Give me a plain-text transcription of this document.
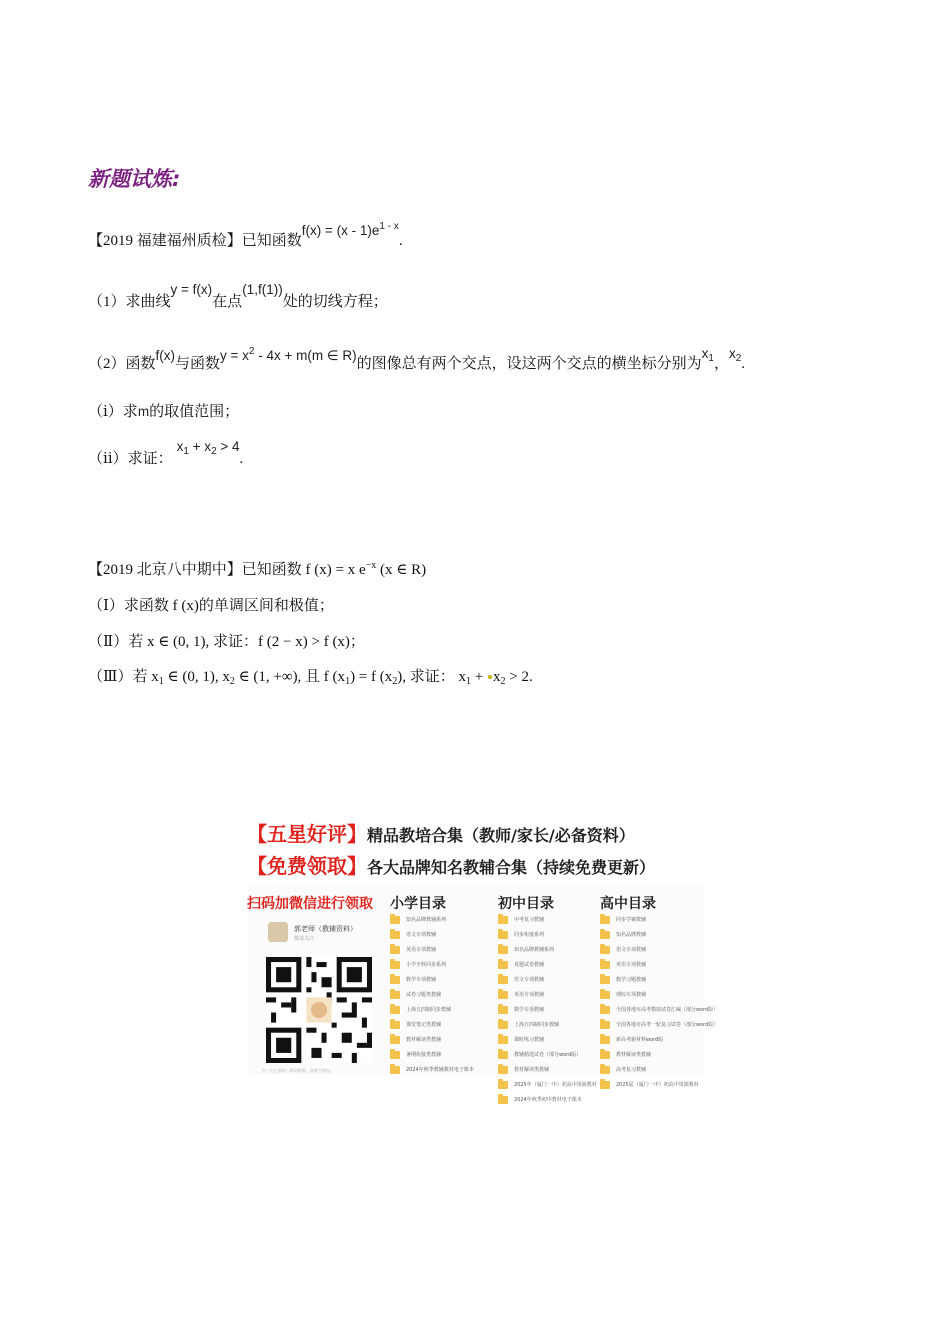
新题试炼:
【2019 福建福州质检】已知函数$f(x) = (x - 1)e^{1 - x}$.
（1）求曲线y = f(x)在点(1,f(1))处的切线方程；
（2）函数f(x)与函数$y = x^2 - 4x + m(m$ ∈ R)的图像总有两个交点，设这两个交点的横坐标分别为$x_1$，$x_2$.
（ⅰ）求m的取值范围；
（ⅱ）求证：$x_1 + x_2 > 4$.
【2019 北京八中期中】已知函数 f (x) = x $e^{-x}$ (x ∈ R)
（Ⅰ）求函数 f (x)的单调区间和极值；
（Ⅱ）若 x ∈ (0, 1), 求证：f (2 − x) > f (x)；
（Ⅲ）若 $x_1$ ∈ (0, 1), $x_2$ ∈ (1, +∞), 且 f $(x_1) = f$ $(x_2)$, 求证： $x_1 + x_2 > 2$.
【五星好评】精品教培合集（教师/家长/必备资料）
【免费领取】各大品牌知名教辅合集（持续免费更新）
扫码加微信进行领取 小学目录	初中目录	高中目录
郭老师（教辅资料）
敬请关注
扫一扫上面的二维码图案，加我为朋友。
知名品牌教辅系列
语文专项教辅
英语专项教辅
小学全科同步系列
数学专项教辅
试卷习题类教辅
上海五四制同步教辅
课堂笔记类教辅
教材解读类教辅
暑期衔接类教辅
2024年秋季教辅教材电子课本
中考复习教辅
同步衔接系列
知名品牌教辅系列
真题试卷教辅
语文专项教辅
英语专项教辅
数学专项教辅
上海五四制同步教辅
课时练习教辅
教辅精选试卷（部分word版）
教材解读类教辅
2025年（厦门一中）初高中资源教材
2024年秋季初中教材电子课本
同步学案教辅
知名品牌教辅
语文专项教辅
英语专项教辅
数学习题教辅
理综专项教辅
全国各地市高考模拟试卷汇编（部分word版）
全国各地市高考一轮复习试卷（部分word版）
新高考新材料word版
教材解读类教辅
高考复习教辅
2025届（厦门一中）初高中资源教材
